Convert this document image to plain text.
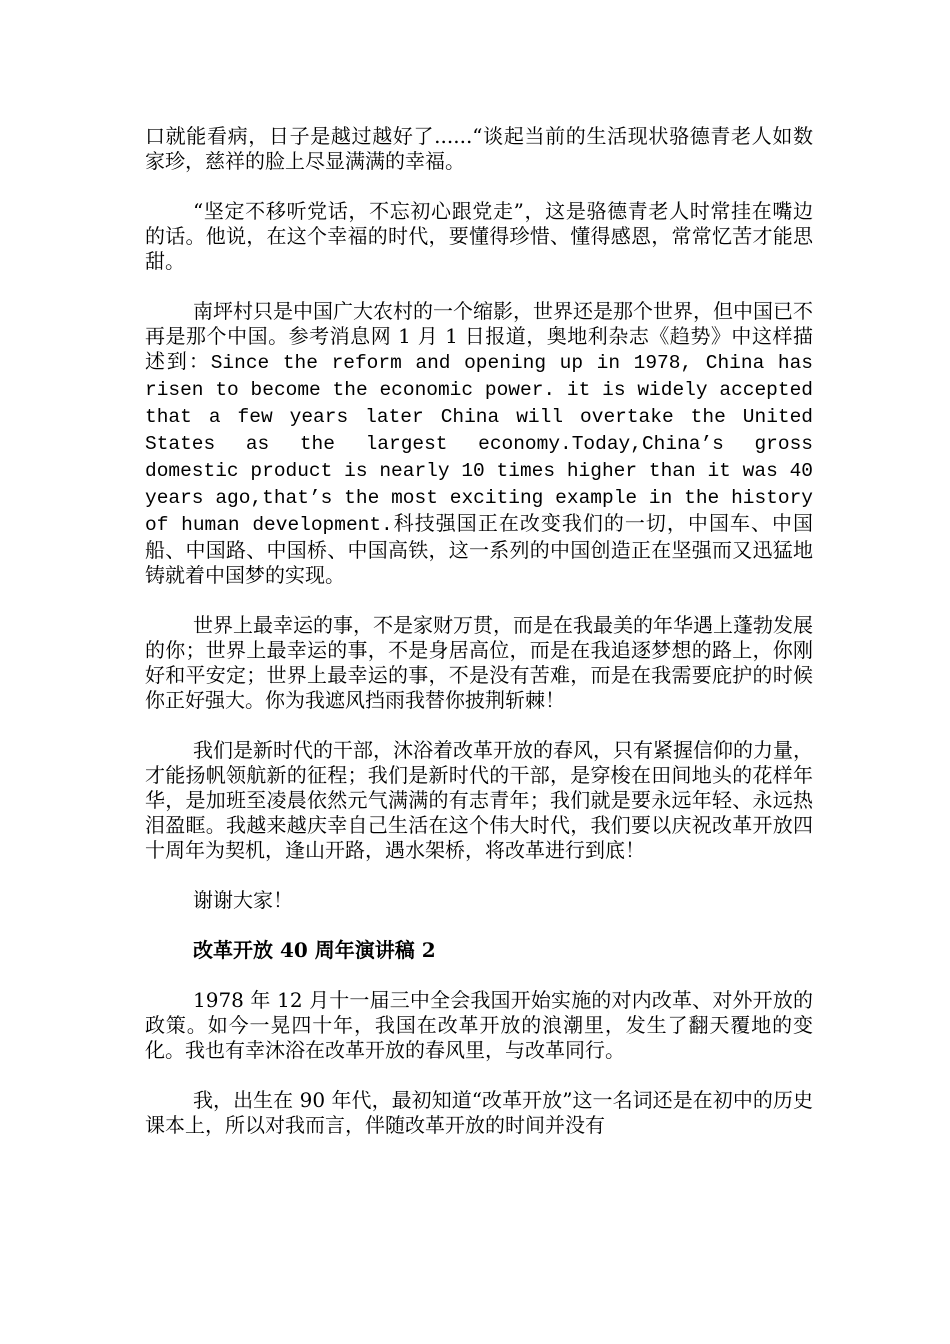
口就能看病，日子是越过越好了......“谈起当前的生活现状骆德青老人如数家珍，慈祥的脸上尽显满满的幸福。

“坚定不移听党话，不忘初心跟党走”，这是骆德青老人时常挂在嘴边的话。他说，在这个幸福的时代，要懂得珍惜、懂得感恩，常常忆苦才能思甜。

南坪村只是中国广大农村的一个缩影，世界还是那个世界，但中国已不再是那个中国。参考消息网 1 月 1 日报道，奥地利杂志《趋势》中这样描述到：Since the reform and opening up in 1978, China has risen to become the economic power. it is widely accepted that a few years later China will overtake the United States as the largest economy.Today,China’s gross domestic product is nearly 10 times higher than it was 40 years ago,that’s the most exciting example in the history of human development.科技强国正在改变我们的一切，中国车、中国船、中国路、中国桥、中国高铁，这一系列的中国创造正在坚强而又迅猛地铸就着中国梦的实现。

世界上最幸运的事，不是家财万贯，而是在我最美的年华遇上蓬勃发展的你；世界上最幸运的事，不是身居高位，而是在我追逐梦想的路上，你刚好和平安定；世界上最幸运的事，不是没有苦难，而是在我需要庇护的时候你正好强大。你为我遮风挡雨我替你披荆斩棘！

我们是新时代的干部，沐浴着改革开放的春风，只有紧握信仰的力量，才能扬帆领航新的征程；我们是新时代的干部，是穿梭在田间地头的花样年华，是加班至凌晨依然元气满满的有志青年；我们就是要永远年轻、永远热泪盈眶。我越来越庆幸自己生活在这个伟大时代，我们要以庆祝改革开放四十周年为契机，逢山开路，遇水架桥，将改革进行到底！

谢谢大家！

改革开放 40 周年演讲稿 2

1978 年 12 月十一届三中全会我国开始实施的对内改革、对外开放的政策。如今一晃四十年，我国在改革开放的浪潮里，发生了翻天覆地的变化。我也有幸沐浴在改革开放的春风里，与改革同行。

我，出生在 90 年代，最初知道“改革开放”这一名词还是在初中的历史课本上，所以对我而言，伴随改革开放的时间并没有
